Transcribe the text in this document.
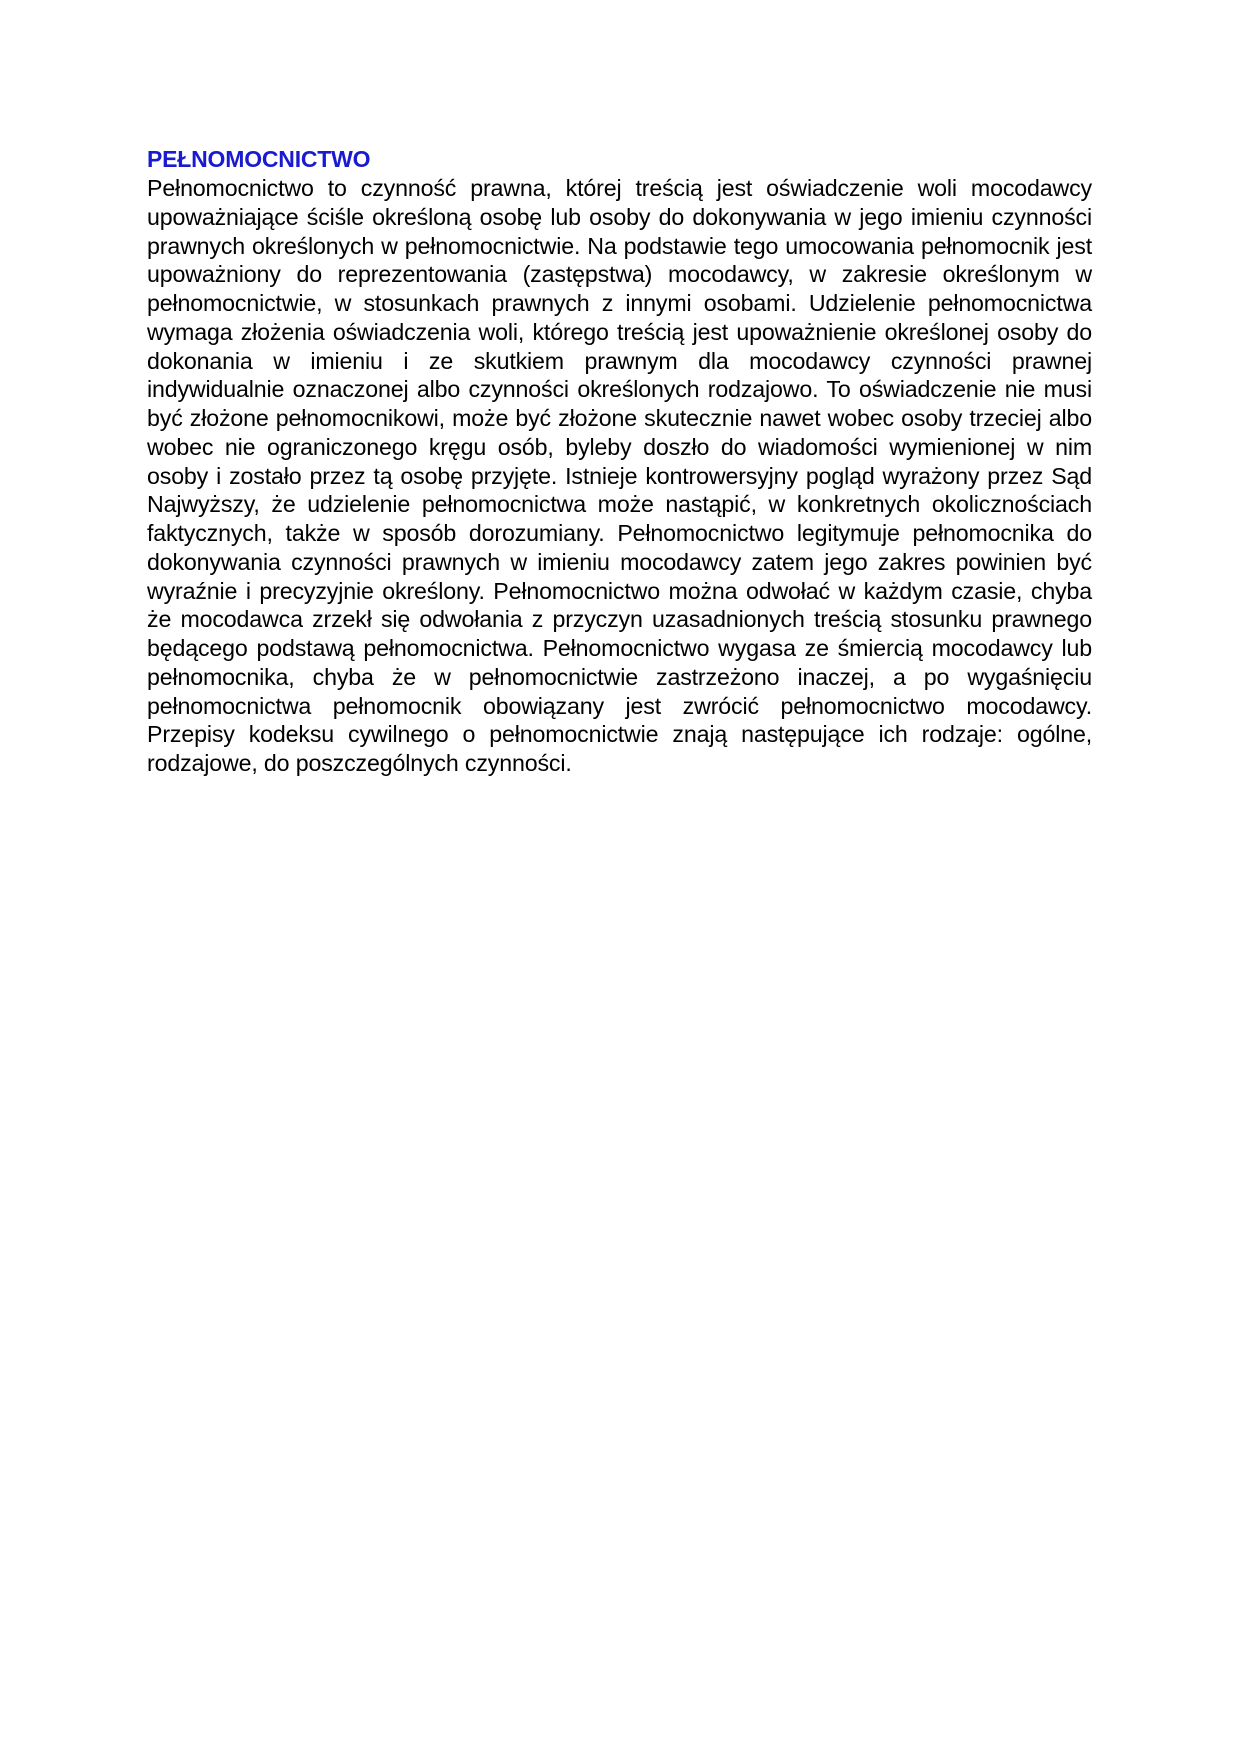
PEŁNOMOCNICTWO

Pełnomocnictwo to czynność prawna, której treścią jest oświadczenie woli mocodawcy upoważniające ściśle określoną osobę lub osoby do dokonywania w jego imieniu czynności prawnych określonych w pełnomocnictwie. Na podstawie tego umocowania pełnomocnik jest upoważniony do reprezentowania (zastępstwa) mocodawcy, w zakresie określonym w pełnomocnictwie, w stosunkach prawnych z innymi osobami. Udzielenie pełnomocnictwa wymaga złożenia oświadczenia woli, którego treścią jest upoważnienie określonej osoby do dokonania w imieniu i ze skutkiem prawnym dla mocodawcy czynności prawnej indywidualnie oznaczonej albo czynności określonych rodzajowo. To oświadczenie nie musi być złożone pełnomocnikowi, może być złożone skutecznie nawet wobec osoby trzeciej albo wobec nie ograniczonego kręgu osób, byleby doszło do wiadomości wymienionej w nim osoby i zostało przez tą osobę przyjęte. Istnieje kontrowersyjny pogląd wyrażony przez Sąd Najwyższy, że udzielenie pełnomocnictwa może nastąpić, w konkretnych okolicznościach faktycznych, także w sposób dorozumiany. Pełnomocnictwo legitymuje pełnomocnika do dokonywania czynności prawnych w imieniu mocodawcy zatem jego zakres powinien być wyraźnie i precyzyjnie określony. Pełnomocnictwo można odwołać w każdym czasie, chyba że mocodawca zrzekł się odwołania z przyczyn uzasadnionych treścią stosunku prawnego będącego podstawą pełnomocnictwa. Pełnomocnictwo wygasa ze śmiercią mocodawcy lub pełnomocnika, chyba że w pełnomocnictwie zastrzeżono inaczej, a po wygaśnięciu pełnomocnictwa pełnomocnik obowiązany jest zwrócić pełnomocnictwo mocodawcy. Przepisy kodeksu cywilnego o pełnomocnictwie znają następujące ich rodzaje: ogólne, rodzajowe, do poszczególnych czynności.
